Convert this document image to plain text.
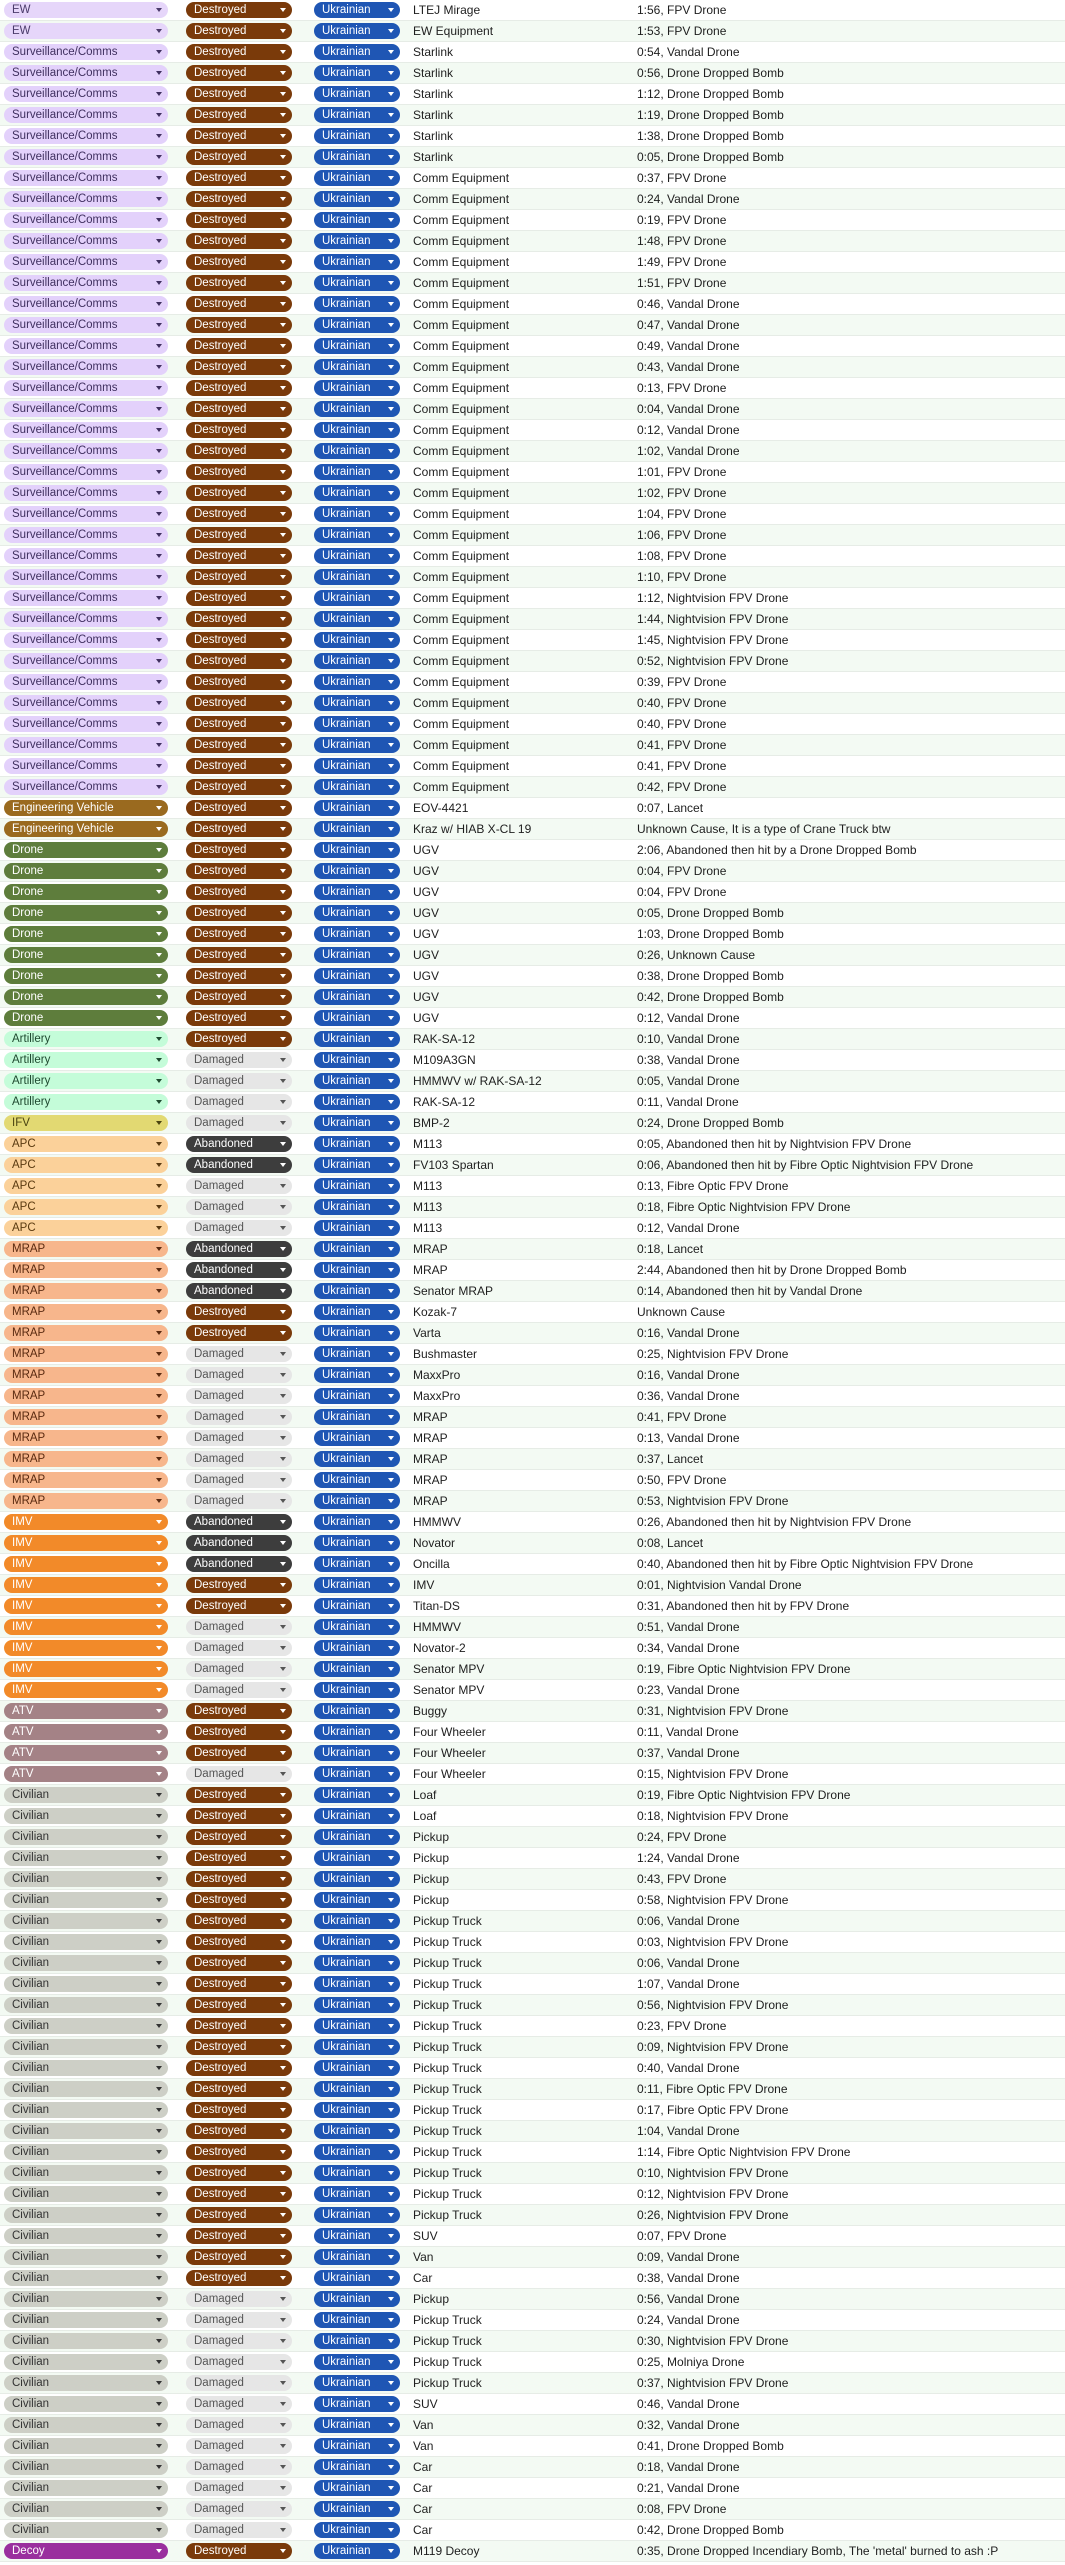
EW	Destroyed	Ukrainian	LTEJ Mirage	1:56, FPV Drone
EW	Destroyed	Ukrainian	EW Equipment	1:53, FPV Drone
Surveillance/Comms	Destroyed	Ukrainian	Starlink	0:54, Vandal Drone
Surveillance/Comms	Destroyed	Ukrainian	Starlink	0:56, Drone Dropped Bomb
Surveillance/Comms	Destroyed	Ukrainian	Starlink	1:12, Drone Dropped Bomb
Surveillance/Comms	Destroyed	Ukrainian	Starlink	1:19, Drone Dropped Bomb
Surveillance/Comms	Destroyed	Ukrainian	Starlink	1:38, Drone Dropped Bomb
Surveillance/Comms	Destroyed	Ukrainian	Starlink	0:05, Drone Dropped Bomb
Surveillance/Comms	Destroyed	Ukrainian	Comm Equipment	0:37, FPV Drone
Surveillance/Comms	Destroyed	Ukrainian	Comm Equipment	0:24, Vandal Drone
Surveillance/Comms	Destroyed	Ukrainian	Comm Equipment	0:19, FPV Drone
Surveillance/Comms	Destroyed	Ukrainian	Comm Equipment	1:48, FPV Drone
Surveillance/Comms	Destroyed	Ukrainian	Comm Equipment	1:49, FPV Drone
Surveillance/Comms	Destroyed	Ukrainian	Comm Equipment	1:51, FPV Drone
Surveillance/Comms	Destroyed	Ukrainian	Comm Equipment	0:46, Vandal Drone
Surveillance/Comms	Destroyed	Ukrainian	Comm Equipment	0:47, Vandal Drone
Surveillance/Comms	Destroyed	Ukrainian	Comm Equipment	0:49, Vandal Drone
Surveillance/Comms	Destroyed	Ukrainian	Comm Equipment	0:43, Vandal Drone
Surveillance/Comms	Destroyed	Ukrainian	Comm Equipment	0:13, FPV Drone
Surveillance/Comms	Destroyed	Ukrainian	Comm Equipment	0:04, Vandal Drone
Surveillance/Comms	Destroyed	Ukrainian	Comm Equipment	0:12, Vandal Drone
Surveillance/Comms	Destroyed	Ukrainian	Comm Equipment	1:02, Vandal Drone
Surveillance/Comms	Destroyed	Ukrainian	Comm Equipment	1:01, FPV Drone
Surveillance/Comms	Destroyed	Ukrainian	Comm Equipment	1:02, FPV Drone
Surveillance/Comms	Destroyed	Ukrainian	Comm Equipment	1:04, FPV Drone
Surveillance/Comms	Destroyed	Ukrainian	Comm Equipment	1:06, FPV Drone
Surveillance/Comms	Destroyed	Ukrainian	Comm Equipment	1:08, FPV Drone
Surveillance/Comms	Destroyed	Ukrainian	Comm Equipment	1:10, FPV Drone
Surveillance/Comms	Destroyed	Ukrainian	Comm Equipment	1:12, Nightvision FPV Drone
Surveillance/Comms	Destroyed	Ukrainian	Comm Equipment	1:44, Nightvision FPV Drone
Surveillance/Comms	Destroyed	Ukrainian	Comm Equipment	1:45, Nightvision FPV Drone
Surveillance/Comms	Destroyed	Ukrainian	Comm Equipment	0:52, Nightvision FPV Drone
Surveillance/Comms	Destroyed	Ukrainian	Comm Equipment	0:39, FPV Drone
Surveillance/Comms	Destroyed	Ukrainian	Comm Equipment	0:40, FPV Drone
Surveillance/Comms	Destroyed	Ukrainian	Comm Equipment	0:40, FPV Drone
Surveillance/Comms	Destroyed	Ukrainian	Comm Equipment	0:41, FPV Drone
Surveillance/Comms	Destroyed	Ukrainian	Comm Equipment	0:41, FPV Drone
Surveillance/Comms	Destroyed	Ukrainian	Comm Equipment	0:42, FPV Drone
Engineering Vehicle	Destroyed	Ukrainian	EOV-4421	0:07, Lancet
Engineering Vehicle	Destroyed	Ukrainian	Kraz w/ HIAB X-CL 19	Unknown Cause, It is a type of Crane Truck btw
Drone	Destroyed	Ukrainian	UGV	2:06, Abandoned then hit by a Drone Dropped Bomb
Drone	Destroyed	Ukrainian	UGV	0:04, FPV Drone
Drone	Destroyed	Ukrainian	UGV	0:04, FPV Drone
Drone	Destroyed	Ukrainian	UGV	0:05, Drone Dropped Bomb
Drone	Destroyed	Ukrainian	UGV	1:03, Drone Dropped Bomb
Drone	Destroyed	Ukrainian	UGV	0:26, Unknown Cause
Drone	Destroyed	Ukrainian	UGV	0:38, Drone Dropped Bomb
Drone	Destroyed	Ukrainian	UGV	0:42, Drone Dropped Bomb
Drone	Destroyed	Ukrainian	UGV	0:12, Vandal Drone
Artillery	Destroyed	Ukrainian	RAK-SA-12	0:10, Vandal Drone
Artillery	Damaged	Ukrainian	M109A3GN	0:38, Vandal Drone
Artillery	Damaged	Ukrainian	HMMWV w/ RAK-SA-12	0:05, Vandal Drone
Artillery	Damaged	Ukrainian	RAK-SA-12	0:11, Vandal Drone
IFV	Damaged	Ukrainian	BMP-2	0:24, Drone Dropped Bomb
APC	Abandoned	Ukrainian	M113	0:05, Abandoned then hit by Nightvision FPV Drone
APC	Abandoned	Ukrainian	FV103 Spartan	0:06, Abandoned then hit by Fibre Optic Nightvision FPV Drone
APC	Damaged	Ukrainian	M113	0:13, Fibre Optic FPV Drone
APC	Damaged	Ukrainian	M113	0:18, Fibre Optic Nightvision FPV Drone
APC	Damaged	Ukrainian	M113	0:12, Vandal Drone
MRAP	Abandoned	Ukrainian	MRAP	0:18, Lancet
MRAP	Abandoned	Ukrainian	MRAP	2:44, Abandoned then hit by Drone Dropped Bomb
MRAP	Abandoned	Ukrainian	Senator MRAP	0:14, Abandoned then hit by Vandal Drone
MRAP	Destroyed	Ukrainian	Kozak-7	Unknown Cause
MRAP	Destroyed	Ukrainian	Varta	0:16, Vandal Drone
MRAP	Damaged	Ukrainian	Bushmaster	0:25, Nightvision FPV Drone
MRAP	Damaged	Ukrainian	MaxxPro	0:16, Vandal Drone
MRAP	Damaged	Ukrainian	MaxxPro	0:36, Vandal Drone
MRAP	Damaged	Ukrainian	MRAP	0:41, FPV Drone
MRAP	Damaged	Ukrainian	MRAP	0:13, Vandal Drone
MRAP	Damaged	Ukrainian	MRAP	0:37, Lancet
MRAP	Damaged	Ukrainian	MRAP	0:50, FPV Drone
MRAP	Damaged	Ukrainian	MRAP	0:53, Nightvision FPV Drone
IMV	Abandoned	Ukrainian	HMMWV	0:26, Abandoned then hit by Nightvision FPV Drone
IMV	Abandoned	Ukrainian	Novator	0:08, Lancet
IMV	Abandoned	Ukrainian	Oncilla	0:40, Abandoned then hit by Fibre Optic Nightvision FPV Drone
IMV	Destroyed	Ukrainian	IMV	0:01, Nightvision Vandal Drone
IMV	Destroyed	Ukrainian	Titan-DS	0:31, Abandoned then hit by FPV Drone
IMV	Damaged	Ukrainian	HMMWV	0:51, Vandal Drone
IMV	Damaged	Ukrainian	Novator-2	0:34, Vandal Drone
IMV	Damaged	Ukrainian	Senator MPV	0:19, Fibre Optic Nightvision FPV Drone
IMV	Damaged	Ukrainian	Senator MPV	0:23, Vandal Drone
ATV	Destroyed	Ukrainian	Buggy	0:31, Nightvision FPV Drone
ATV	Destroyed	Ukrainian	Four Wheeler	0:11, Vandal Drone
ATV	Destroyed	Ukrainian	Four Wheeler	0:37, Vandal Drone
ATV	Damaged	Ukrainian	Four Wheeler	0:15, Nightvision FPV Drone
Civilian	Destroyed	Ukrainian	Loaf	0:19, Fibre Optic Nightvision FPV Drone
Civilian	Destroyed	Ukrainian	Loaf	0:18, Nightvision FPV Drone
Civilian	Destroyed	Ukrainian	Pickup	0:24, FPV Drone
Civilian	Destroyed	Ukrainian	Pickup	1:24, Vandal Drone
Civilian	Destroyed	Ukrainian	Pickup	0:43, FPV Drone
Civilian	Destroyed	Ukrainian	Pickup	0:58, Nightvision FPV Drone
Civilian	Destroyed	Ukrainian	Pickup Truck	0:06, Vandal Drone
Civilian	Destroyed	Ukrainian	Pickup Truck	0:03, Nightvision FPV Drone
Civilian	Destroyed	Ukrainian	Pickup Truck	0:06, Vandal Drone
Civilian	Destroyed	Ukrainian	Pickup Truck	1:07, Vandal Drone
Civilian	Destroyed	Ukrainian	Pickup Truck	0:56, Nightvision FPV Drone
Civilian	Destroyed	Ukrainian	Pickup Truck	0:23, FPV Drone
Civilian	Destroyed	Ukrainian	Pickup Truck	0:09, Nightvision FPV Drone
Civilian	Destroyed	Ukrainian	Pickup Truck	0:40, Vandal Drone
Civilian	Destroyed	Ukrainian	Pickup Truck	0:11, Fibre Optic FPV Drone
Civilian	Destroyed	Ukrainian	Pickup Truck	0:17, Fibre Optic FPV Drone
Civilian	Destroyed	Ukrainian	Pickup Truck	1:04, Vandal Drone
Civilian	Destroyed	Ukrainian	Pickup Truck	1:14, Fibre Optic Nightvision FPV Drone
Civilian	Destroyed	Ukrainian	Pickup Truck	0:10, Nightvision FPV Drone
Civilian	Destroyed	Ukrainian	Pickup Truck	0:12, Nightvision FPV Drone
Civilian	Destroyed	Ukrainian	Pickup Truck	0:26, Nightvision FPV Drone
Civilian	Destroyed	Ukrainian	SUV	0:07, FPV Drone
Civilian	Destroyed	Ukrainian	Van	0:09, Vandal Drone
Civilian	Destroyed	Ukrainian	Car	0:38, Vandal Drone
Civilian	Damaged	Ukrainian	Pickup	0:56, Vandal Drone
Civilian	Damaged	Ukrainian	Pickup Truck	0:24, Vandal Drone
Civilian	Damaged	Ukrainian	Pickup Truck	0:30, Nightvision FPV Drone
Civilian	Damaged	Ukrainian	Pickup Truck	0:25, Molniya Drone
Civilian	Damaged	Ukrainian	Pickup Truck	0:37, Nightvision FPV Drone
Civilian	Damaged	Ukrainian	SUV	0:46, Vandal Drone
Civilian	Damaged	Ukrainian	Van	0:32, Vandal Drone
Civilian	Damaged	Ukrainian	Van	0:41, Drone Dropped Bomb
Civilian	Damaged	Ukrainian	Car	0:18, Vandal Drone
Civilian	Damaged	Ukrainian	Car	0:21, Vandal Drone
Civilian	Damaged	Ukrainian	Car	0:08, FPV Drone
Civilian	Damaged	Ukrainian	Car	0:42, Drone Dropped Bomb
Decoy	Destroyed	Ukrainian	M119 Decoy	0:35, Drone Dropped Incendiary Bomb, The 'metal' burned to ash :P
